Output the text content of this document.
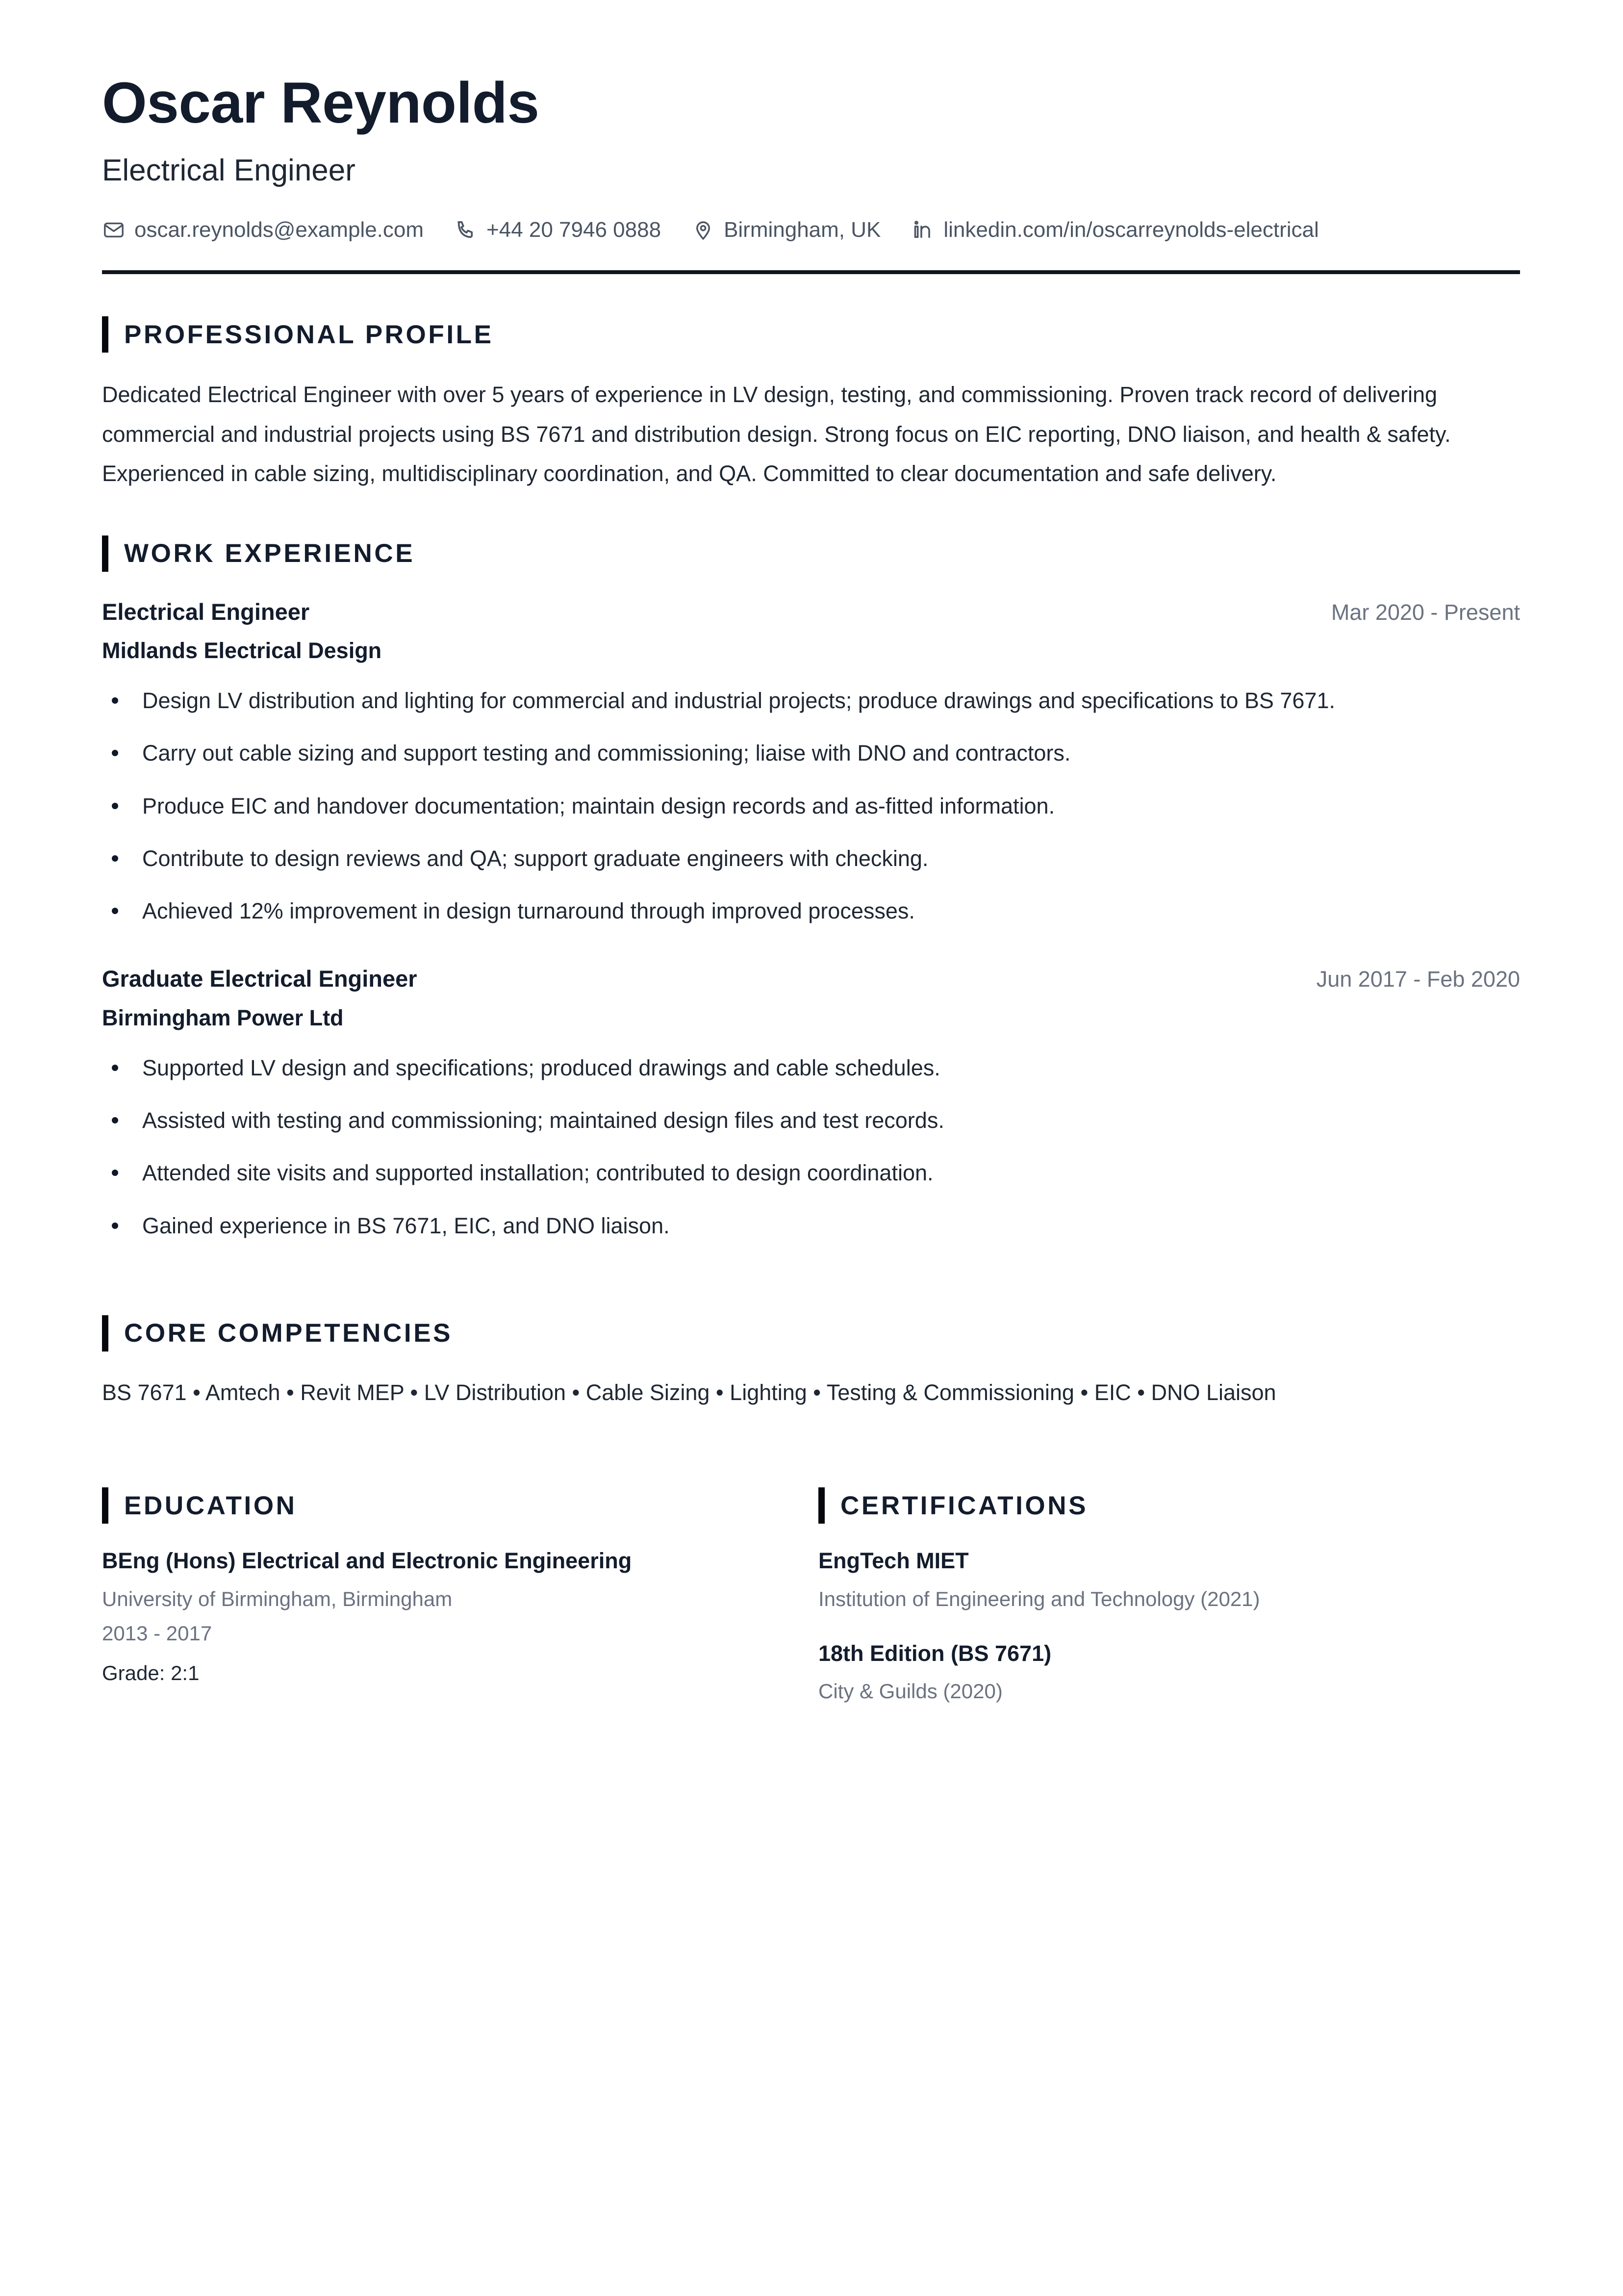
Oscar Reynolds
Electrical Engineer
oscar.reynolds@example.com	+44 20 7946 0888	Birmingham, UK	linkedin.com/in/oscarreynolds-electrical
PROFESSIONAL PROFILE

Dedicated Electrical Engineer with over 5 years of experience in LV design, testing, and commissioning. Proven track record of delivering commercial and industrial projects using BS 7671 and distribution design. Strong focus on EIC reporting, DNO liaison, and health & safety. Experienced in cable sizing, multidisciplinary coordination, and QA. Committed to clear documentation and safe delivery.

WORK EXPERIENCE
Electrical Engineer	Mar 2020 - Present
Midlands Electrical Design
Design LV distribution and lighting for commercial and industrial projects; produce drawings and specifications to BS 7671.
Carry out cable sizing and support testing and commissioning; liaise with DNO and contractors.
Produce EIC and handover documentation; maintain design records and as-fitted information.
Contribute to design reviews and QA; support graduate engineers with checking.
Achieved 12% improvement in design turnaround through improved processes.
Graduate Electrical Engineer	Jun 2017 - Feb 2020
Birmingham Power Ltd
Supported LV design and specifications; produced drawings and cable schedules.
Assisted with testing and commissioning; maintained design files and test records.
Attended site visits and supported installation; contributed to design coordination.
Gained experience in BS 7671, EIC, and DNO liaison.
CORE COMPETENCIES

BS 7671 • Amtech • Revit MEP • LV Distribution • Cable Sizing • Lighting • Testing & Commissioning • EIC • DNO Liaison

EDUCATION
BEng (Hons) Electrical and Electronic Engineering
University of Birmingham, Birmingham
2013 - 2017
Grade: 2:1
CERTIFICATIONS
EngTech MIET
Institution of Engineering and Technology (2021)
18th Edition (BS 7671)
City & Guilds (2020)
